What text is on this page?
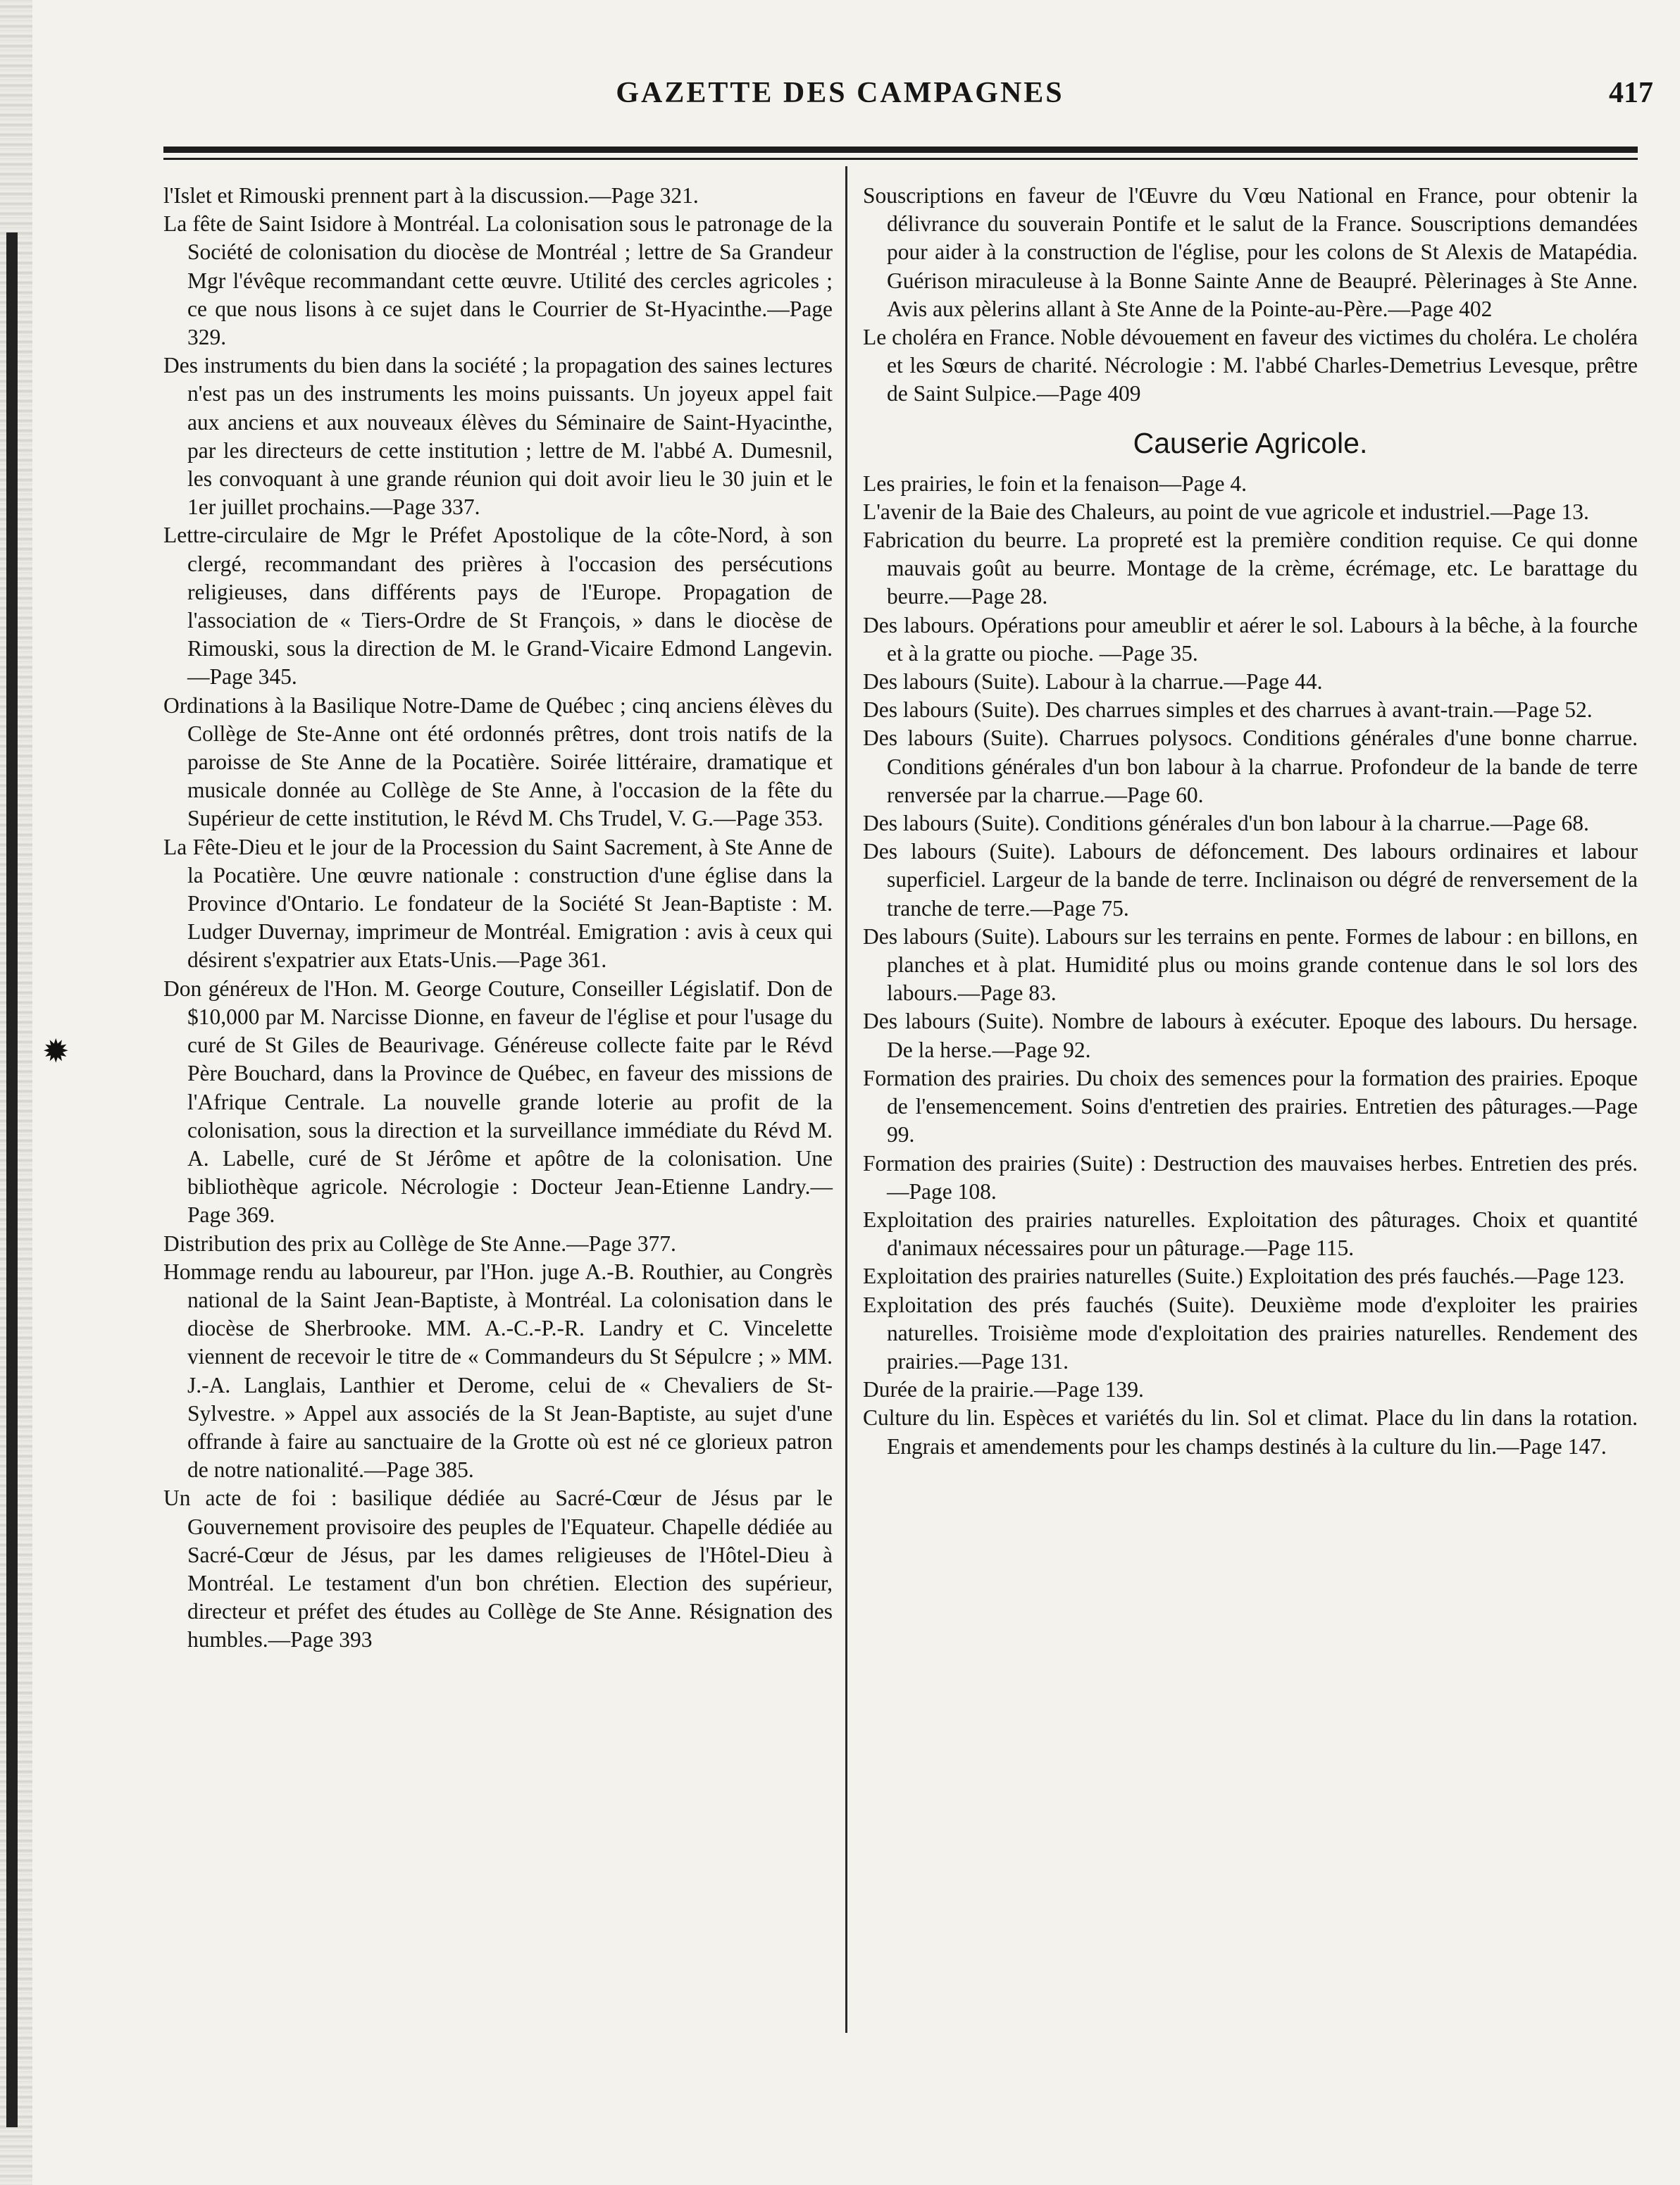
✹
GAZETTE DES CAMPAGNES	417

l'Islet et Rimouski prennent part à la discussion.—Page 321.

La fête de Saint Isidore à Montréal. La colonisation sous le patronage de la Société de colonisation du diocèse de Montréal ; lettre de Sa Grandeur Mgr l'évêque recommandant cette œuvre. Utilité des cercles agricoles ; ce que nous lisons à ce sujet dans le Courrier de St-Hyacinthe.—Page 329.

Des instruments du bien dans la société ; la propagation des saines lectures n'est pas un des instruments les moins puissants. Un joyeux appel fait aux anciens et aux nouveaux élèves du Séminaire de Saint-Hyacinthe, par les directeurs de cette institution ; lettre de M. l'abbé A. Dumesnil, les convoquant à une grande réunion qui doit avoir lieu le 30 juin et le 1er juillet prochains.—Page 337.

Lettre-circulaire de Mgr le Préfet Apostolique de la côte-Nord, à son clergé, recommandant des prières à l'occasion des persécutions religieuses, dans différents pays de l'Europe. Propagation de l'association de « Tiers-Ordre de St François, » dans le diocèse de Rimouski, sous la direction de M. le Grand-Vicaire Edmond Langevin.—Page 345.

Ordinations à la Basilique Notre-Dame de Québec ; cinq anciens élèves du Collège de Ste-Anne ont été ordonnés prêtres, dont trois natifs de la paroisse de Ste Anne de la Pocatière. Soirée littéraire, dramatique et musicale donnée au Collège de Ste Anne, à l'occasion de la fête du Supérieur de cette institution, le Révd M. Chs Trudel, V. G.—Page 353.

La Fête-Dieu et le jour de la Procession du Saint Sacrement, à Ste Anne de la Pocatière. Une œuvre nationale : construction d'une église dans la Province d'Ontario. Le fondateur de la Société St Jean-Baptiste : M. Ludger Duvernay, imprimeur de Montréal. Emigration : avis à ceux qui désirent s'expatrier aux Etats-Unis.—Page 361.

Don généreux de l'Hon. M. George Couture, Conseiller Législatif. Don de $10,000 par M. Narcisse Dionne, en faveur de l'église et pour l'usage du curé de St Giles de Beaurivage. Généreuse collecte faite par le Révd Père Bouchard, dans la Province de Québec, en faveur des missions de l'Afrique Centrale. La nouvelle grande loterie au profit de la colonisation, sous la direction et la surveillance immédiate du Révd M. A. Labelle, curé de St Jérôme et apôtre de la colonisation. Une bibliothèque agricole. Nécrologie : Docteur Jean-Etienne Landry.—Page 369.

Distribution des prix au Collège de Ste Anne.—Page 377.

Hommage rendu au laboureur, par l'Hon. juge A.-B. Routhier, au Congrès national de la Saint Jean-Baptiste, à Montréal. La colonisation dans le diocèse de Sherbrooke. MM. A.-C.-P.-R. Landry et C. Vincelette viennent de recevoir le titre de « Commandeurs du St Sépulcre ; » MM. J.-A. Langlais, Lanthier et Derome, celui de « Chevaliers de St-Sylvestre. » Appel aux associés de la St Jean-Baptiste, au sujet d'une offrande à faire au sanctuaire de la Grotte où est né ce glorieux patron de notre nationalité.—Page 385.

Un acte de foi : basilique dédiée au Sacré-Cœur de Jésus par le Gouvernement provisoire des peuples de l'Equateur. Chapelle dédiée au Sacré-Cœur de Jésus, par les dames religieuses de l'Hôtel-Dieu à Montréal. Le testament d'un bon chrétien. Election des supérieur, directeur et préfet des études au Collège de Ste Anne. Résignation des humbles.—Page 393

Souscriptions en faveur de l'Œuvre du Vœu National en France, pour obtenir la délivrance du souverain Pontife et le salut de la France. Souscriptions demandées pour aider à la construction de l'église, pour les colons de St Alexis de Matapédia. Guérison miraculeuse à la Bonne Sainte Anne de Beaupré. Pèlerinages à Ste Anne. Avis aux pèlerins allant à Ste Anne de la Pointe-au-Père.—Page 402

Le choléra en France. Noble dévouement en faveur des victimes du choléra. Le choléra et les Sœurs de charité. Nécrologie : M. l'abbé Charles-Demetrius Levesque, prêtre de Saint Sulpice.—Page 409

Causerie Agricole.

Les prairies, le foin et la fenaison—Page 4.

L'avenir de la Baie des Chaleurs, au point de vue agricole et industriel.—Page 13.

Fabrication du beurre. La propreté est la première condition requise. Ce qui donne mauvais goût au beurre. Montage de la crème, écrémage, etc. Le barattage du beurre.—Page 28.

Des labours. Opérations pour ameublir et aérer le sol. Labours à la bêche, à la fourche et à la gratte ou pioche. —Page 35.

Des labours (Suite). Labour à la charrue.—Page 44.

Des labours (Suite). Des charrues simples et des charrues à avant-train.—Page 52.

Des labours (Suite). Charrues polysocs. Conditions générales d'une bonne charrue. Conditions générales d'un bon labour à la charrue. Profondeur de la bande de terre renversée par la charrue.—Page 60.

Des labours (Suite). Conditions générales d'un bon labour à la charrue.—Page 68.

Des labours (Suite). Labours de défoncement. Des labours ordinaires et labour superficiel. Largeur de la bande de terre. Inclinaison ou dégré de renversement de la tranche de terre.—Page 75.

Des labours (Suite). Labours sur les terrains en pente. Formes de labour : en billons, en planches et à plat. Humidité plus ou moins grande contenue dans le sol lors des labours.—Page 83.

Des labours (Suite). Nombre de labours à exécuter. Epoque des labours. Du hersage. De la herse.—Page 92.

Formation des prairies. Du choix des semences pour la formation des prairies. Epoque de l'ensemencement. Soins d'entretien des prairies. Entretien des pâturages.—Page 99.

Formation des prairies (Suite) : Destruction des mauvaises herbes. Entretien des prés.—Page 108.

Exploitation des prairies naturelles. Exploitation des pâturages. Choix et quantité d'animaux nécessaires pour un pâturage.—Page 115.

Exploitation des prairies naturelles (Suite.) Exploitation des prés fauchés.—Page 123.

Exploitation des prés fauchés (Suite). Deuxième mode d'exploiter les prairies naturelles. Troisième mode d'exploitation des prairies naturelles. Rendement des prairies.—Page 131.

Durée de la prairie.—Page 139.

Culture du lin. Espèces et variétés du lin. Sol et climat. Place du lin dans la rotation. Engrais et amendements pour les champs destinés à la culture du lin.—Page 147.
